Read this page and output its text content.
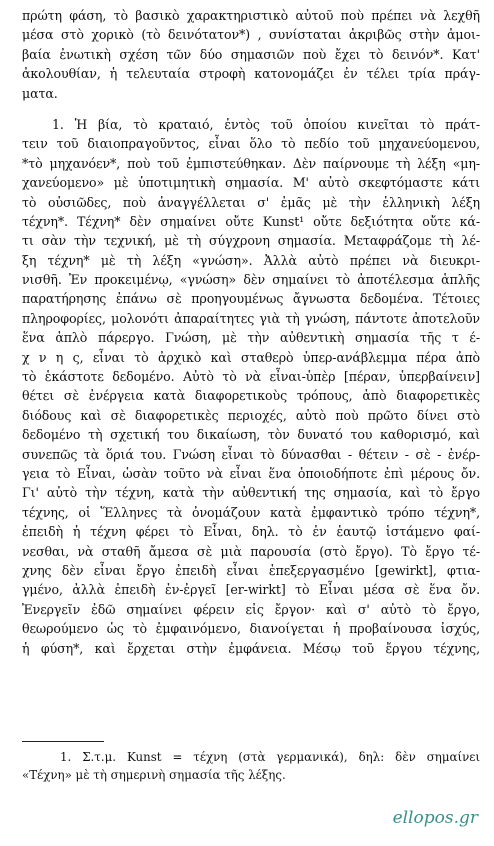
πρώτη φάση, τὸ βασικὸ χαρακτηριστικὸ αὐτοῦ ποὺ πρέπει νὰ λεχθῆ
μέσα στὸ χορικὸ (τὸ δεινότατον*) , συνίσταται ἀκριβῶς στὴν ἀμοι-
βαία ἐνωτικὴ σχέση τῶν δύο σημασιῶν ποὺ ἔχει τὸ δεινόν*. Κατ'
ἀκολουθίαν, ἡ τελευταία στροφὴ κατονομάζει ἐν τέλει τρία πράγ-
ματα.
1. Ἡ βία, τὸ κραταιό, ἐντὸς τοῦ ὁποίου κινεῖται τὸ πράτ-
τειν τοῦ διαιοπραγοῦντος, εἶναι ὅλο τὸ πεδίο τοῦ μηχανεύομενου,
*τὸ μηχανόεν*, ποὺ τοῦ ἐμπιστεύθηκαν. Δὲν παίρνουμε τὴ λέξη «μη-
χανεύομενο» μὲ ὑποτιμητικὴ σημασία. Μ' αὐτὸ σκεφτόμαστε κάτι
τὸ οὐσιῶδες, ποὺ ἀναγγέλλεται σ' ἐμᾶς μὲ τὴν ἑλληνικὴ λέξη
τέχνη*. Τέχνη* δὲν σημαίνει οὔτε Kunst¹ οὔτε δεξιότητα οὔτε κά-
τι σὰν τὴν τεχνική, μὲ τὴ σύγχρονη σημασία. Μεταφράζομε τὴ λέ-
ξη τέχνη* μὲ τὴ λέξη «γνώση». Ἀλλὰ αὐτὸ πρέπει νὰ διευκρι-
νισθῆ. Ἐν προκειμένῳ, «γνώση» δὲν σημαίνει τὸ ἀποτέλεσμα ἁπλῆς
παρατήρησης ἐπάνω σὲ προηγουμένως ἄγνωστα δεδομένα. Τέτοιες
πληροφορίες, μολονότι ἀπαραίτητες γιὰ τὴ γνώση, πάντοτε ἀποτελοῦν
ἕνα ἁπλὸ πάρεργο. Γνώση, μὲ τὴν αὐθεντικὴ σημασία τῆς τ έ-
χ ν η ς, εἶναι τὸ ἀρχικὸ καὶ σταθερὸ ὑπερ-ανάβλεμμα πέρα ἀπὸ
τὸ ἑκάστοτε δεδομένο. Αὐτὸ τὸ νὰ εἶναι-ὑπὲρ [πέραν, ὑπερβαίνειν]
θέτει σὲ ἐνέργεια κατὰ διαφορετικοὺς τρόπους, ἀπὸ διαφορετικὲς
διόδους καὶ σὲ διαφορετικὲς περιοχές, αὐτὸ ποὺ πρῶτο δίνει στὸ
δεδομένο τὴ σχετική του δικαίωση, τὸν δυνατό του καθορισμό, καὶ
συνεπῶς τὰ ὅριά του. Γνώση εἶναι τὸ δύνασθαι - θέτειν - σὲ - ἐνέρ-
γεια τὸ Εἶναι, ὡσὰν τοῦτο νὰ εἶναι ἕνα ὁποιοδήποτε ἐπὶ μέρους ὄν.
Γι' αὐτὸ τὴν τέχνη, κατὰ τὴν αὐθεντική της σημασία, καὶ τὸ ἔργο
τέχνης, οἱ Ἕλληνες τὰ ὀνομάζουν κατὰ ἐμφαντικὸ τρόπο τέχνη*,
ἐπειδὴ ἡ τέχνη φέρει τὸ Εἶναι, δηλ. τὸ ἐν ἑαυτῷ ἱστάμενο φαί-
νεσθαι, νὰ σταθῆ ἄμεσα σὲ μιὰ παρουσία (στὸ ἔργο). Τὸ ἔργο τέ-
χνης δὲν εἶναι ἔργο ἐπειδὴ εἶναι ἐπεξεργασμένο [gewirkt], φτια-
γμένο, ἀλλὰ ἐπειδὴ ἐν-ἐργεῖ [er-wirkt] τὸ Εἶναι μέσα σὲ ἕνα ὄν.
Ἐνεργεῖν ἐδῶ σημαίνει φέρειν εἰς ἔργον· καὶ σ' αὐτὸ τὸ ἔργο,
θεωρούμενο ὡς τὸ ἐμφαινόμενο, διανοίγεται ἡ προβαίνουσα ἰσχύς,
ἡ φύση*, καὶ ἔρχεται στὴν ἐμφάνεια. Μέσῳ τοῦ ἔργου τέχνης,
1. Σ.τ.μ. Kunst = τέχνη (στὰ γερμανικά), δηλ: δὲν σημαίνει
«Τέχνη» μὲ τὴ σημερινὴ σημασία τῆς λέξης.
ellopos.gr
